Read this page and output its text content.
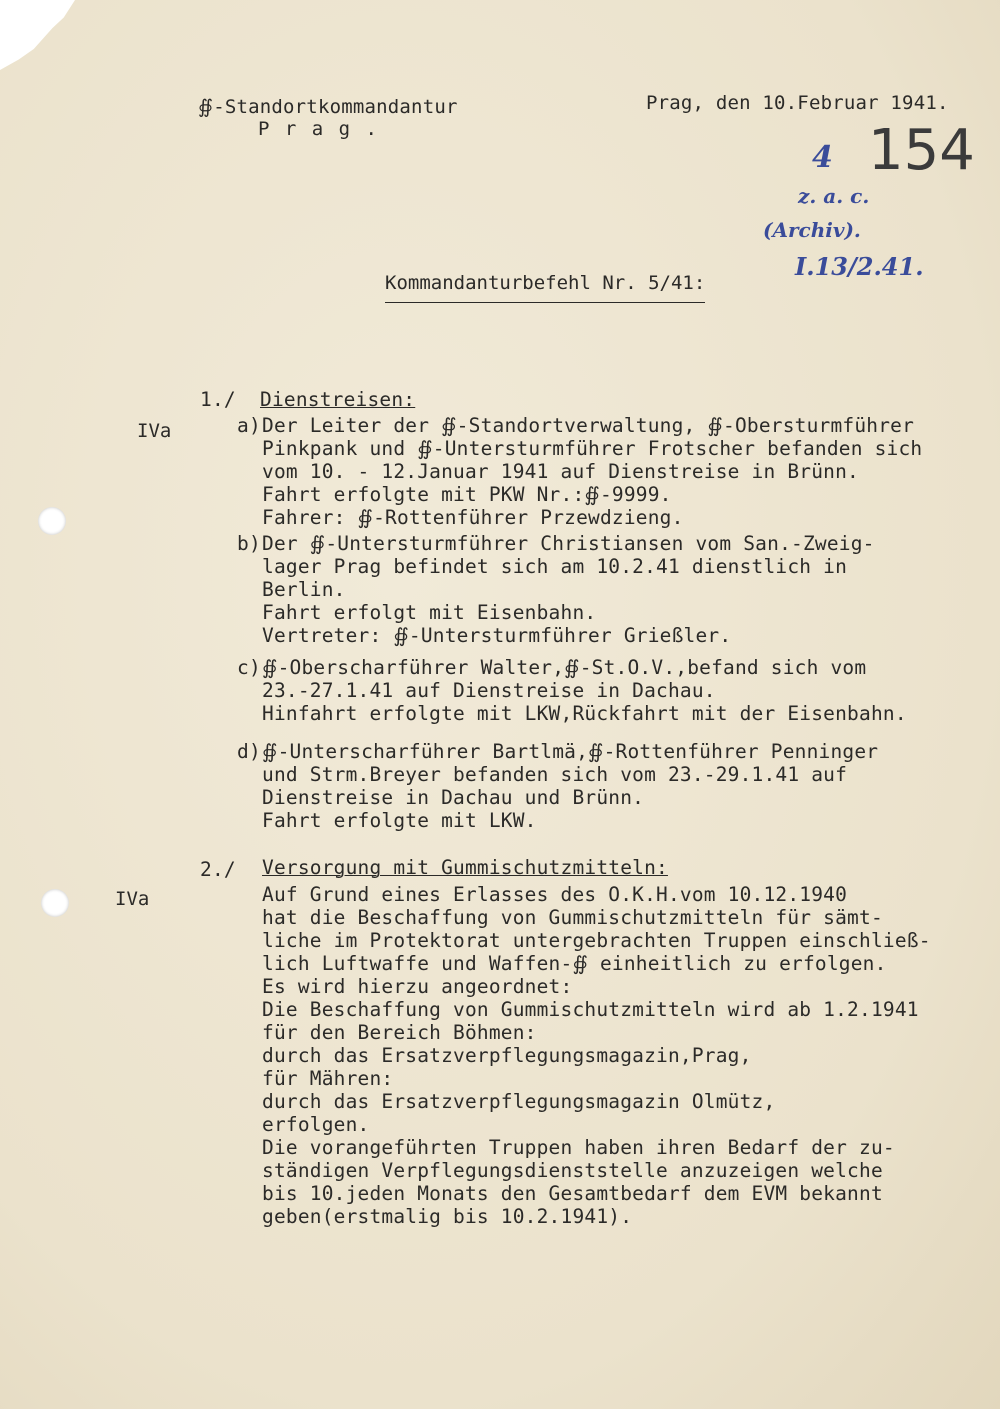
∯-Standortkommandantur
P r a g .
Prag, den 10.Februar 1941.
154
4
z. a. c.
(Archiv).
I.13/2.41.
Kommandanturbefehl Nr. 5/41:
1./ Dienstreisen:
IVa	a) Der Leiter der ∯-Standortverwaltung, ∯-Obersturmführer
Pinkpank und ∯-Untersturmführer Frotscher befanden sich
vom 10. - 12.Januar 1941 auf Dienstreise in Brünn.
Fahrt erfolgte mit PKW Nr.:∯-9999.
Fahrer: ∯-Rottenführer Przewdzieng.
b) Der ∯-Untersturmführer Christiansen vom San.-Zweig-
lager Prag befindet sich am 10.2.41 dienstlich in
Berlin.
Fahrt erfolgt mit Eisenbahn.
Vertreter: ∯-Untersturmführer Grießler.
c) ∯-Oberscharführer Walter,∯-St.O.V.,befand sich vom
23.-27.1.41 auf Dienstreise in Dachau.
Hinfahrt erfolgte mit LKW,Rückfahrt mit der Eisenbahn.
d) ∯-Unterscharführer Bartlmä,∯-Rottenführer Penninger
und Strm.Breyer befanden sich vom 23.-29.1.41 auf
Dienstreise in Dachau und Brünn.
Fahrt erfolgte mit LKW.
2./ Versorgung mit Gummischutzmitteln:
IVa	Auf Grund eines Erlasses des O.K.H.vom 10.12.1940
hat die Beschaffung von Gummischutzmitteln für sämt-
liche im Protektorat untergebrachten Truppen einschließ-
lich Luftwaffe und Waffen-∯ einheitlich zu erfolgen.
Es wird hierzu angeordnet:
Die Beschaffung von Gummischutzmitteln wird ab 1.2.1941
für den Bereich Böhmen:
durch das Ersatzverpflegungsmagazin,Prag,
für Mähren:
durch das Ersatzverpflegungsmagazin Olmütz,
erfolgen.
Die vorangeführten Truppen haben ihren Bedarf der zu-
ständigen Verpflegungsdienststelle anzuzeigen welche
bis 10.jeden Monats den Gesamtbedarf dem EVM bekannt
geben(erstmalig bis 10.2.1941).
